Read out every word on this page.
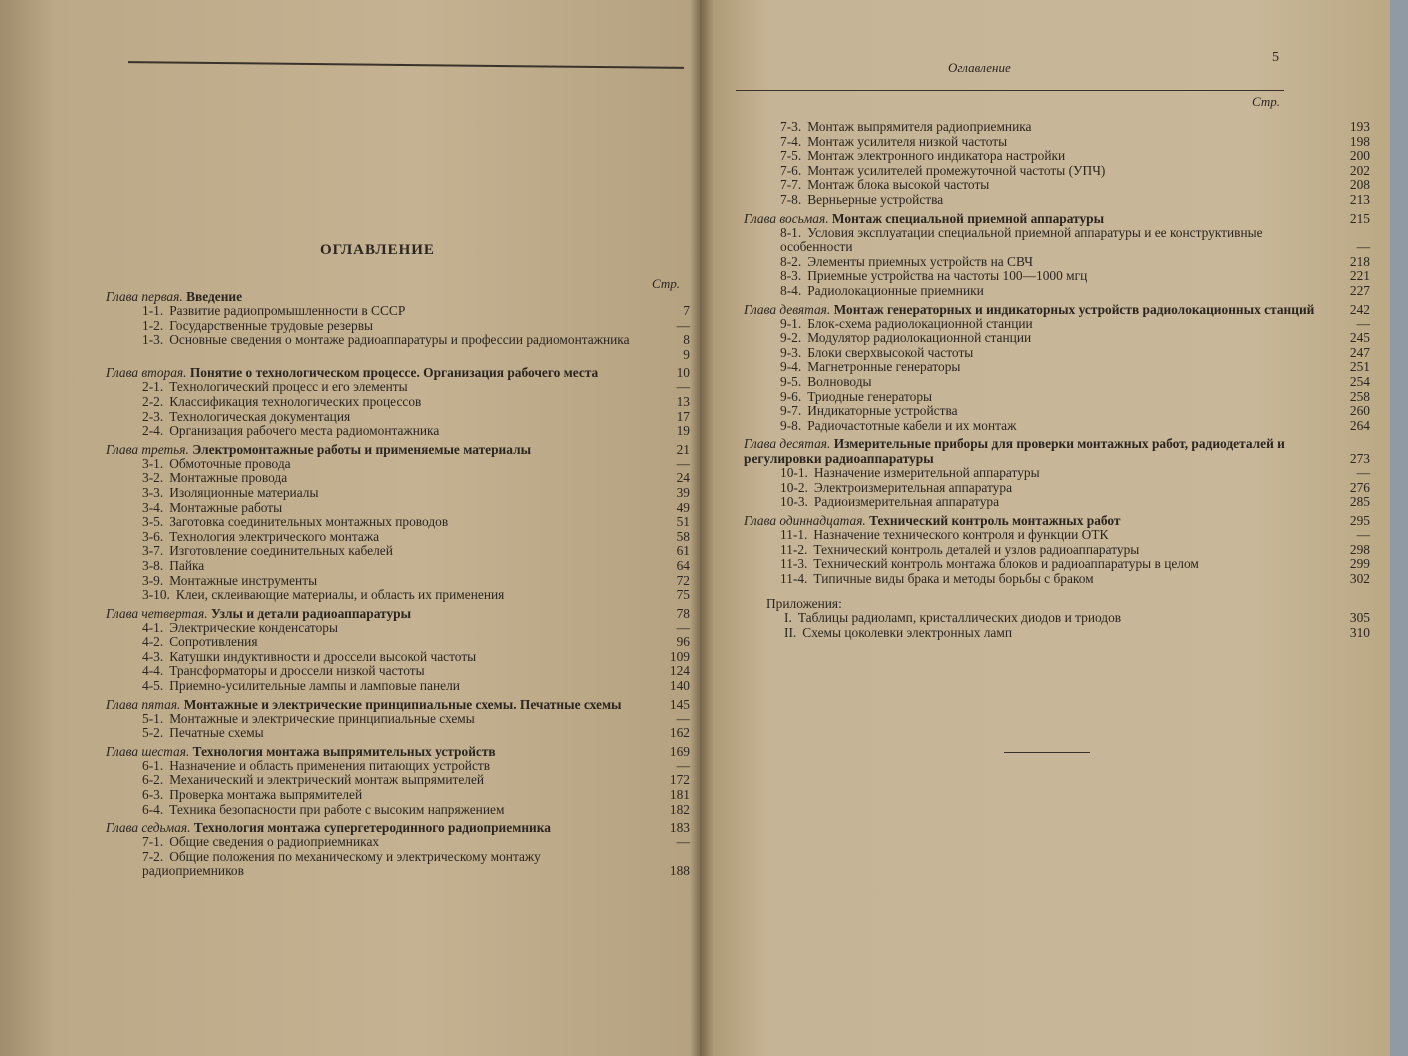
ОГЛАВЛЕНИЕ
Стр.
Оглавление
5
Стр.
Глава первая. Введение
1-1. Развитие радиопромышленности в СССР	7
1-2. Государственные трудовые резервы	—
1-3. Основные сведения о монтаже радиоаппаратуры и профессии радиомонтажника	8
9
Глава вторая. Понятие о технологическом процессе. Организация рабочего места	10
2-1. Технологический процесс и его элементы	—
2-2. Классификация технологических процессов	13
2-3. Технологическая документация	17
2-4. Организация рабочего места радиомонтажника	19
Глава третья. Электромонтажные работы и применяемые материалы	21
3-1. Обмоточные провода	—
3-2. Монтажные провода	24
3-3. Изоляционные материалы	39
3-4. Монтажные работы	49
3-5. Заготовка соединительных монтажных проводов	51
3-6. Технология электрического монтажа	58
3-7. Изготовление соединительных кабелей	61
3-8. Пайка	64
3-9. Монтажные инструменты	72
3-10. Клеи, склеивающие материалы, и область их применения	75
Глава четвертая. Узлы и детали радиоаппаратуры	78
4-1. Электрические конденсаторы	—
4-2. Сопротивления	96
4-3. Катушки индуктивности и дроссели высокой частоты	109
4-4. Трансформаторы и дроссели низкой частоты	124
4-5. Приемно-усилительные лампы и ламповые панели	140
Глава пятая. Монтажные и электрические принципиальные схемы. Печатные схемы	145
5-1. Монтажные и электрические принципиальные схемы	—
5-2. Печатные схемы	162
Глава шестая. Технология монтажа выпрямительных устройств	169
6-1. Назначение и область применения питающих устройств	—
6-2. Механический и электрический монтаж выпрямителей	172
6-3. Проверка монтажа выпрямителей	181
6-4. Техника безопасности при работе с высоким напряжением	182
Глава седьмая. Технология монтажа супергетеродинного радиоприемника	183
7-1. Общие сведения о радиоприемниках	—
7-2. Общие положения по механическому и электрическому монтажу радиоприемников	188
7-3. Монтаж выпрямителя радиоприемника	193
7-4. Монтаж усилителя низкой частоты	198
7-5. Монтаж электронного индикатора настройки	200
7-6. Монтаж усилителей промежуточной частоты (УПЧ)	202
7-7. Монтаж блока высокой частоты	208
7-8. Верньерные устройства	213
Глава восьмая. Монтаж специальной приемной аппаратуры	215
8-1. Условия эксплуатации специальной приемной аппаратуры и ее конструктивные особенности	—
8-2. Элементы приемных устройств на СВЧ	218
8-3. Приемные устройства на частоты 100—1000 мгц	221
8-4. Радиолокационные приемники	227
Глава девятая. Монтаж генераторных и индикаторных устройств радиолокационных станций	242
9-1. Блок-схема радиолокационной станции	—
9-2. Модулятор радиолокационной станции	245
9-3. Блоки сверхвысокой частоты	247
9-4. Магнетронные генераторы	251
9-5. Волноводы	254
9-6. Триодные генераторы	258
9-7. Индикаторные устройства	260
9-8. Радиочастотные кабели и их монтаж	264
Глава десятая. Измерительные приборы для проверки монтажных работ, радиодеталей и регулировки радиоаппаратуры	273
10-1. Назначение измерительной аппаратуры	—
10-2. Электроизмерительная аппаратура	276
10-3. Радиоизмерительная аппаратура	285
Глава одиннадцатая. Технический контроль монтажных работ	295
11-1. Назначение технического контроля и функции ОТК	—
11-2. Технический контроль деталей и узлов радиоаппаратуры	298
11-3. Технический контроль монтажа блоков и радиоаппаратуры в целом	299
11-4. Типичные виды брака и методы борьбы с браком	302
Приложения:
I. Таблицы радиоламп, кристаллических диодов и триодов	305
II. Схемы цоколевки электронных ламп	310
